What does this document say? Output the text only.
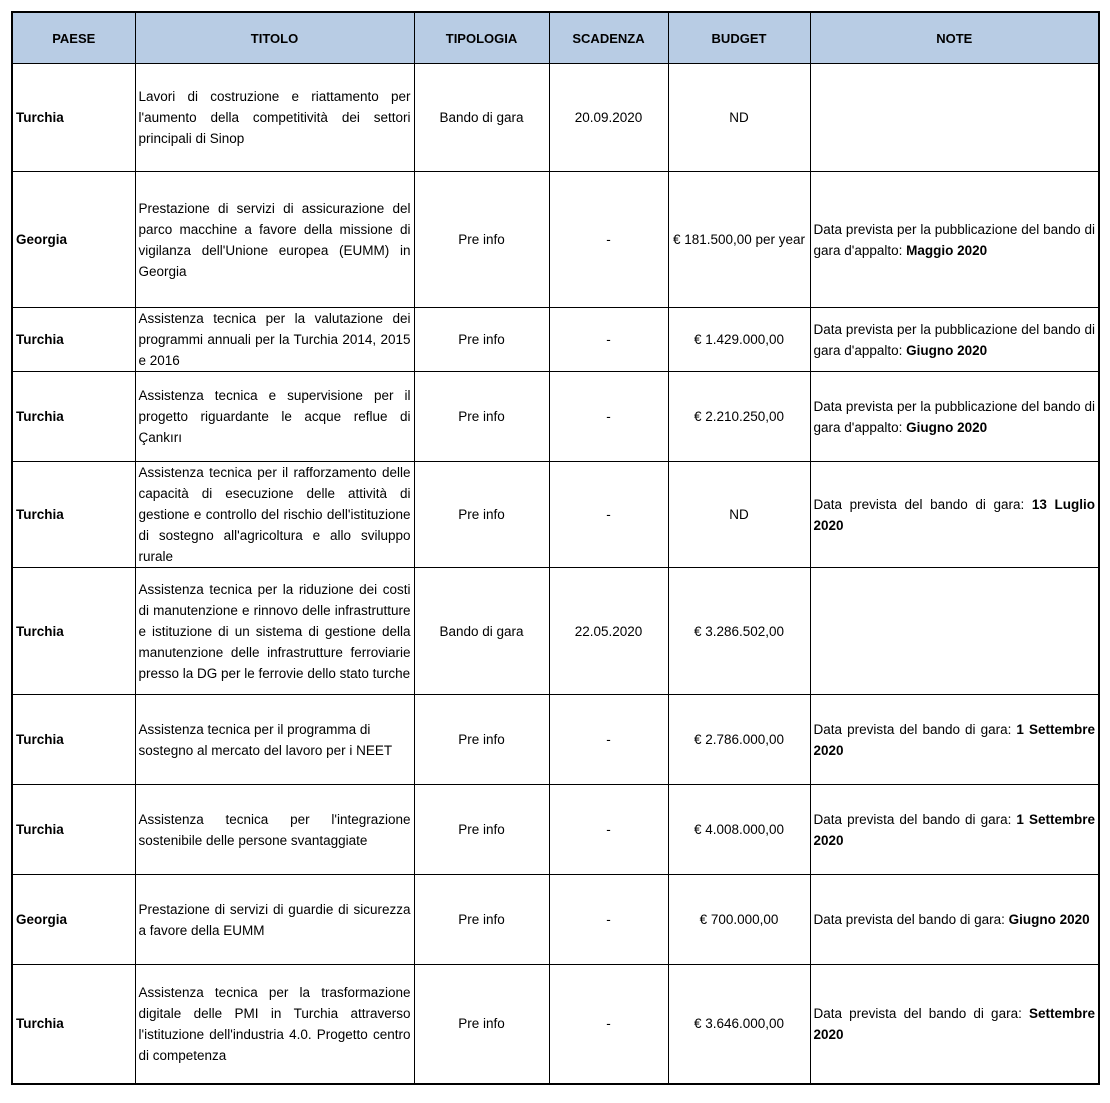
PAESE	TITOLO	TIPOLOGIA	SCADENZA	BUDGET	NOTE
Turchia	Lavori di costruzione e riattamento per l'aumento della competitività dei settori principali di Sinop	Bando di gara	20.09.2020	ND	
Georgia	Prestazione di servizi di assicurazione del parco macchine a favore della missione di vigilanza dell'Unione europea (EUMM) in Georgia	Pre info	-	€ 181.500,00 per year	Data prevista per la pubblicazione del bando di gara d'appalto: Maggio 2020
Turchia	Assistenza tecnica per la valutazione dei programmi annuali per la Turchia 2014, 2015 e 2016	Pre info	-	€ 1.429.000,00	Data prevista per la pubblicazione del bando di gara d'appalto: Giugno 2020
Turchia	Assistenza tecnica e supervisione per il progetto riguardante le acque reflue di Çankırı	Pre info	-	€ 2.210.250,00	Data prevista per la pubblicazione del bando di gara d'appalto: Giugno 2020
Turchia	Assistenza tecnica per il rafforzamento delle capacità di esecuzione delle attività di gestione e controllo del rischio dell'istituzione di sostegno all'agricoltura e allo sviluppo rurale	Pre info	-	ND	Data prevista del bando di gara: 13 Luglio 2020
Turchia	Assistenza tecnica per la riduzione dei costi di manutenzione e rinnovo delle infrastrutture e istituzione di un sistema di gestione della manutenzione delle infrastrutture ferroviarie presso la DG per le ferrovie dello stato turche	Bando di gara	22.05.2020	€ 3.286.502,00	
Turchia	Assistenza tecnica per il programma di sostegno al mercato del lavoro per i NEET	Pre info	-	€ 2.786.000,00	Data prevista del bando di gara: 1 Settembre 2020
Turchia	Assistenza tecnica per l'integrazione sostenibile delle persone svantaggiate	Pre info	-	€ 4.008.000,00	Data prevista del bando di gara: 1 Settembre 2020
Georgia	Prestazione di servizi di guardie di sicurezza a favore della EUMM	Pre info	-	€ 700.000,00	Data prevista del bando di gara: Giugno 2020
Turchia	Assistenza tecnica per la trasformazione digitale delle PMI in Turchia attraverso l'istituzione dell'industria 4.0. Progetto centro di competenza	Pre info	-	€ 3.646.000,00	Data prevista del bando di gara: Settembre 2020
